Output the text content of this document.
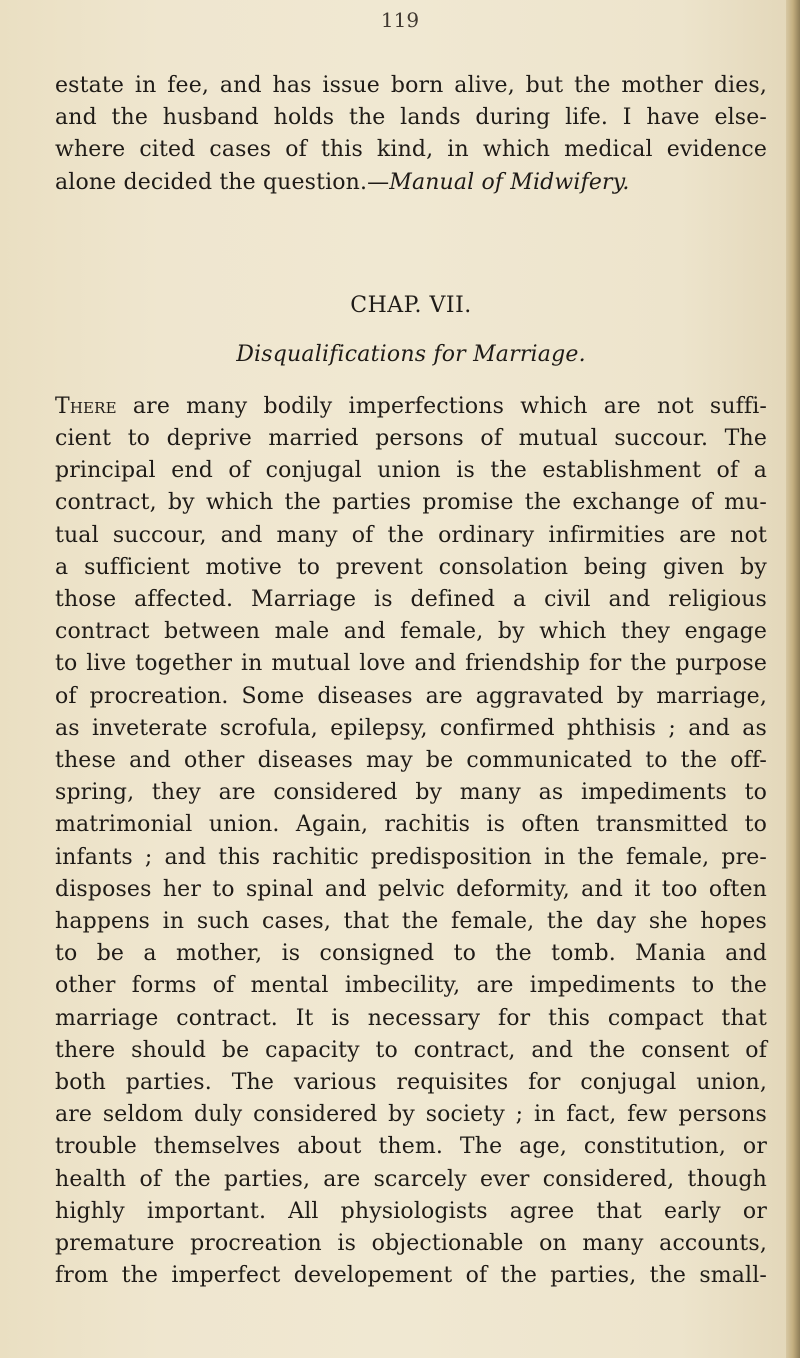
119
estate in fee, and has issue born alive, but the mother dies,
and the husband holds the lands during life. I have else-
where cited cases of this kind, in which medical evidence
alone decided the question.—Manual of Midwifery.
CHAP. VII.
Disqualifications for Marriage.
There are many bodily imperfections which are not suffi-
cient to deprive married persons of mutual succour. The
principal end of conjugal union is the establishment of a
contract, by which the parties promise the exchange of mu-
tual succour, and many of the ordinary infirmities are not
a sufficient motive to prevent consolation being given by
those affected. Marriage is defined a civil and religious
contract between male and female, by which they engage
to live together in mutual love and friendship for the purpose
of procreation. Some diseases are aggravated by marriage,
as inveterate scrofula, epilepsy, confirmed phthisis ; and as
these and other diseases may be communicated to the off-
spring, they are considered by many as impediments to
matrimonial union. Again, rachitis is often transmitted to
infants ; and this rachitic predisposition in the female, pre-
disposes her to spinal and pelvic deformity, and it too often
happens in such cases, that the female, the day she hopes
to be a mother, is consigned to the tomb. Mania and
other forms of mental imbecility, are impediments to the
marriage contract. It is necessary for this compact that
there should be capacity to contract, and the consent of
both parties. The various requisites for conjugal union,
are seldom duly considered by society ; in fact, few persons
trouble themselves about them. The age, constitution, or
health of the parties, are scarcely ever considered, though
highly important. All physiologists agree that early or
premature procreation is objectionable on many accounts,
from the imperfect developement of the parties, the small-
